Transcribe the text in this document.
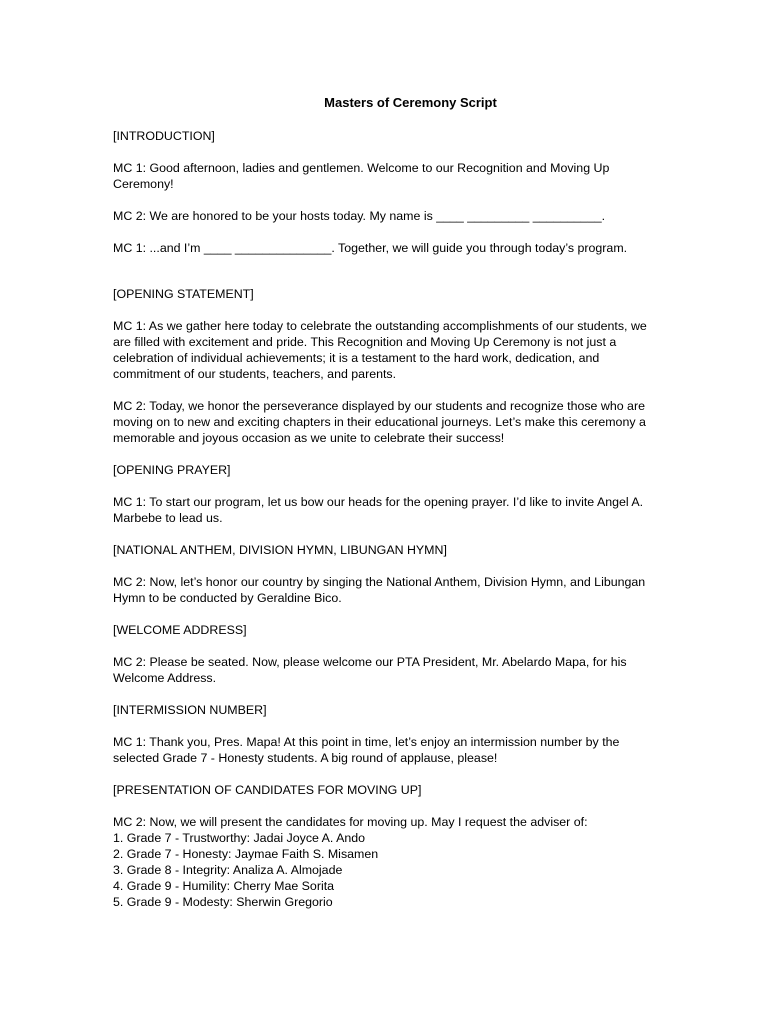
Masters of Ceremony Script

[INTRODUCTION]

MC 1: Good afternoon, ladies and gentlemen. Welcome to our Recognition and Moving Up Ceremony!

MC 2: We are honored to be your hosts today. My name is ____ _________ __________.

MC 1: ...and I’m ____ ______________. Together, we will guide you through today’s program.

[OPENING STATEMENT]

MC 1: As we gather here today to celebrate the outstanding accomplishments of our students, we are filled with excitement and pride. This Recognition and Moving Up Ceremony is not just a celebration of individual achievements; it is a testament to the hard work, dedication, and commitment of our students, teachers, and parents.

MC 2: Today, we honor the perseverance displayed by our students and recognize those who are moving on to new and exciting chapters in their educational journeys. Let’s make this ceremony a memorable and joyous occasion as we unite to celebrate their success!

[OPENING PRAYER]

MC 1: To start our program, let us bow our heads for the opening prayer. I’d like to invite Angel A. Marbebe to lead us.

[NATIONAL ANTHEM, DIVISION HYMN, LIBUNGAN HYMN]

MC 2: Now, let’s honor our country by singing the National Anthem, Division Hymn, and Libungan Hymn to be conducted by Geraldine Bico.

[WELCOME ADDRESS]

MC 2: Please be seated. Now, please welcome our PTA President, Mr. Abelardo Mapa, for his Welcome Address.

[INTERMISSION NUMBER]

MC 1: Thank you, Pres. Mapa! At this point in time, let’s enjoy an intermission number by the selected Grade 7 - Honesty students. A big round of applause, please!

[PRESENTATION OF CANDIDATES FOR MOVING UP]

MC 2: Now, we will present the candidates for moving up. May I request the adviser of:

1. Grade 7 - Trustworthy: Jadai Joyce A. Ando
2. Grade 7 - Honesty: Jaymae Faith S. Misamen
3. Grade 8 - Integrity: Analiza A. Almojade
4. Grade 9 - Humility: Cherry Mae Sorita
5. Grade 9 - Modesty: Sherwin Gregorio
